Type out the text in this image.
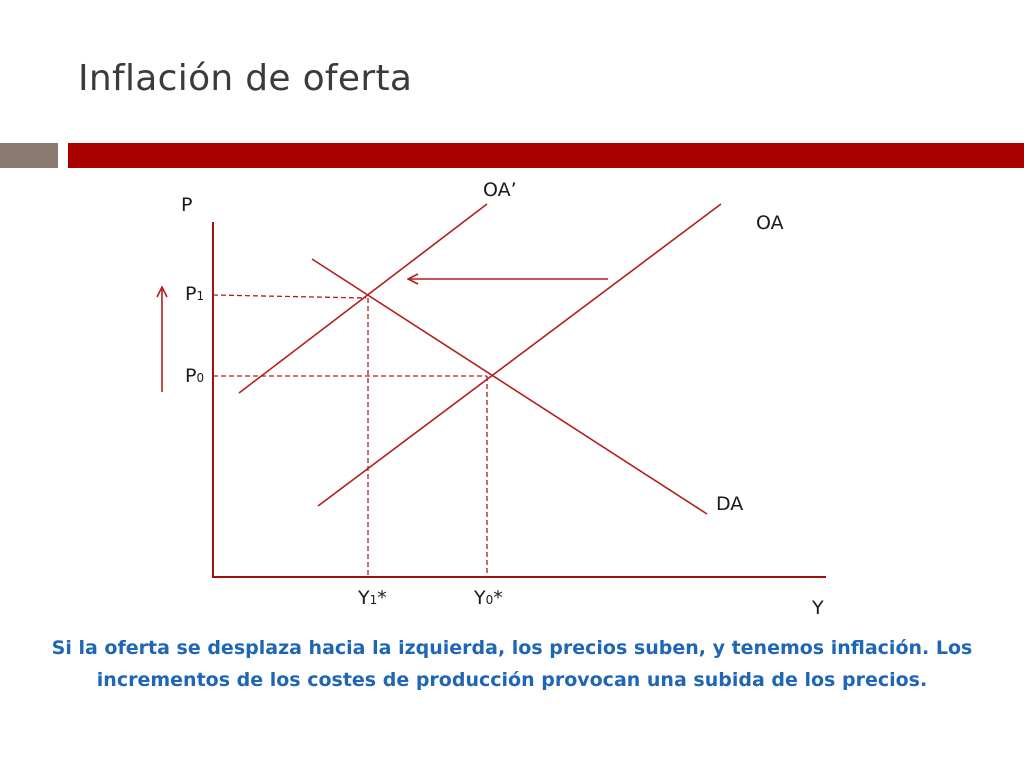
Inflación de oferta
P
Y
OA’
OA
DA
P1
P0
Y1*	Y0*

Si la oferta se desplaza hacia la izquierda, los precios suben, y tenemos inflación. Los incrementos de los costes de producción provocan una subida de los precios.
